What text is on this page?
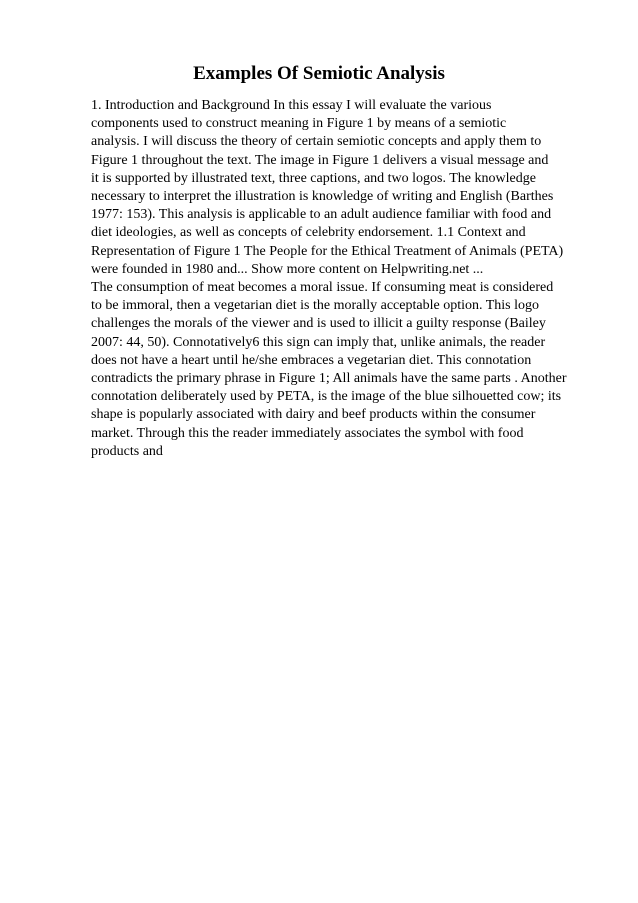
Examples Of Semiotic Analysis
1. Introduction and Background In this essay I will evaluate the various
components used to construct meaning in Figure 1 by means of a semiotic
analysis. I will discuss the theory of certain semiotic concepts and apply them to
Figure 1 throughout the text. The image in Figure 1 delivers a visual message and
it is supported by illustrated text, three captions, and two logos. The knowledge
necessary to interpret the illustration is knowledge of writing and English (Barthes
1977: 153). This analysis is applicable to an adult audience familiar with food and
diet ideologies, as well as concepts of celebrity endorsement. 1.1 Context and
Representation of Figure 1 The People for the Ethical Treatment of Animals (PETA)
were founded in 1980 and... Show more content on Helpwriting.net ...
The consumption of meat becomes a moral issue. If consuming meat is considered
to be immoral, then a vegetarian diet is the morally acceptable option. This logo
challenges the morals of the viewer and is used to illicit a guilty response (Bailey
2007: 44, 50). Connotatively6 this sign can imply that, unlike animals, the reader
does not have a heart until he/she embraces a vegetarian diet. This connotation
contradicts the primary phrase in Figure 1; All animals have the same parts . Another
connotation deliberately used by PETA, is the image of the blue silhouetted cow; its
shape is popularly associated with dairy and beef products within the consumer
market. Through this the reader immediately associates the symbol with food
products and
